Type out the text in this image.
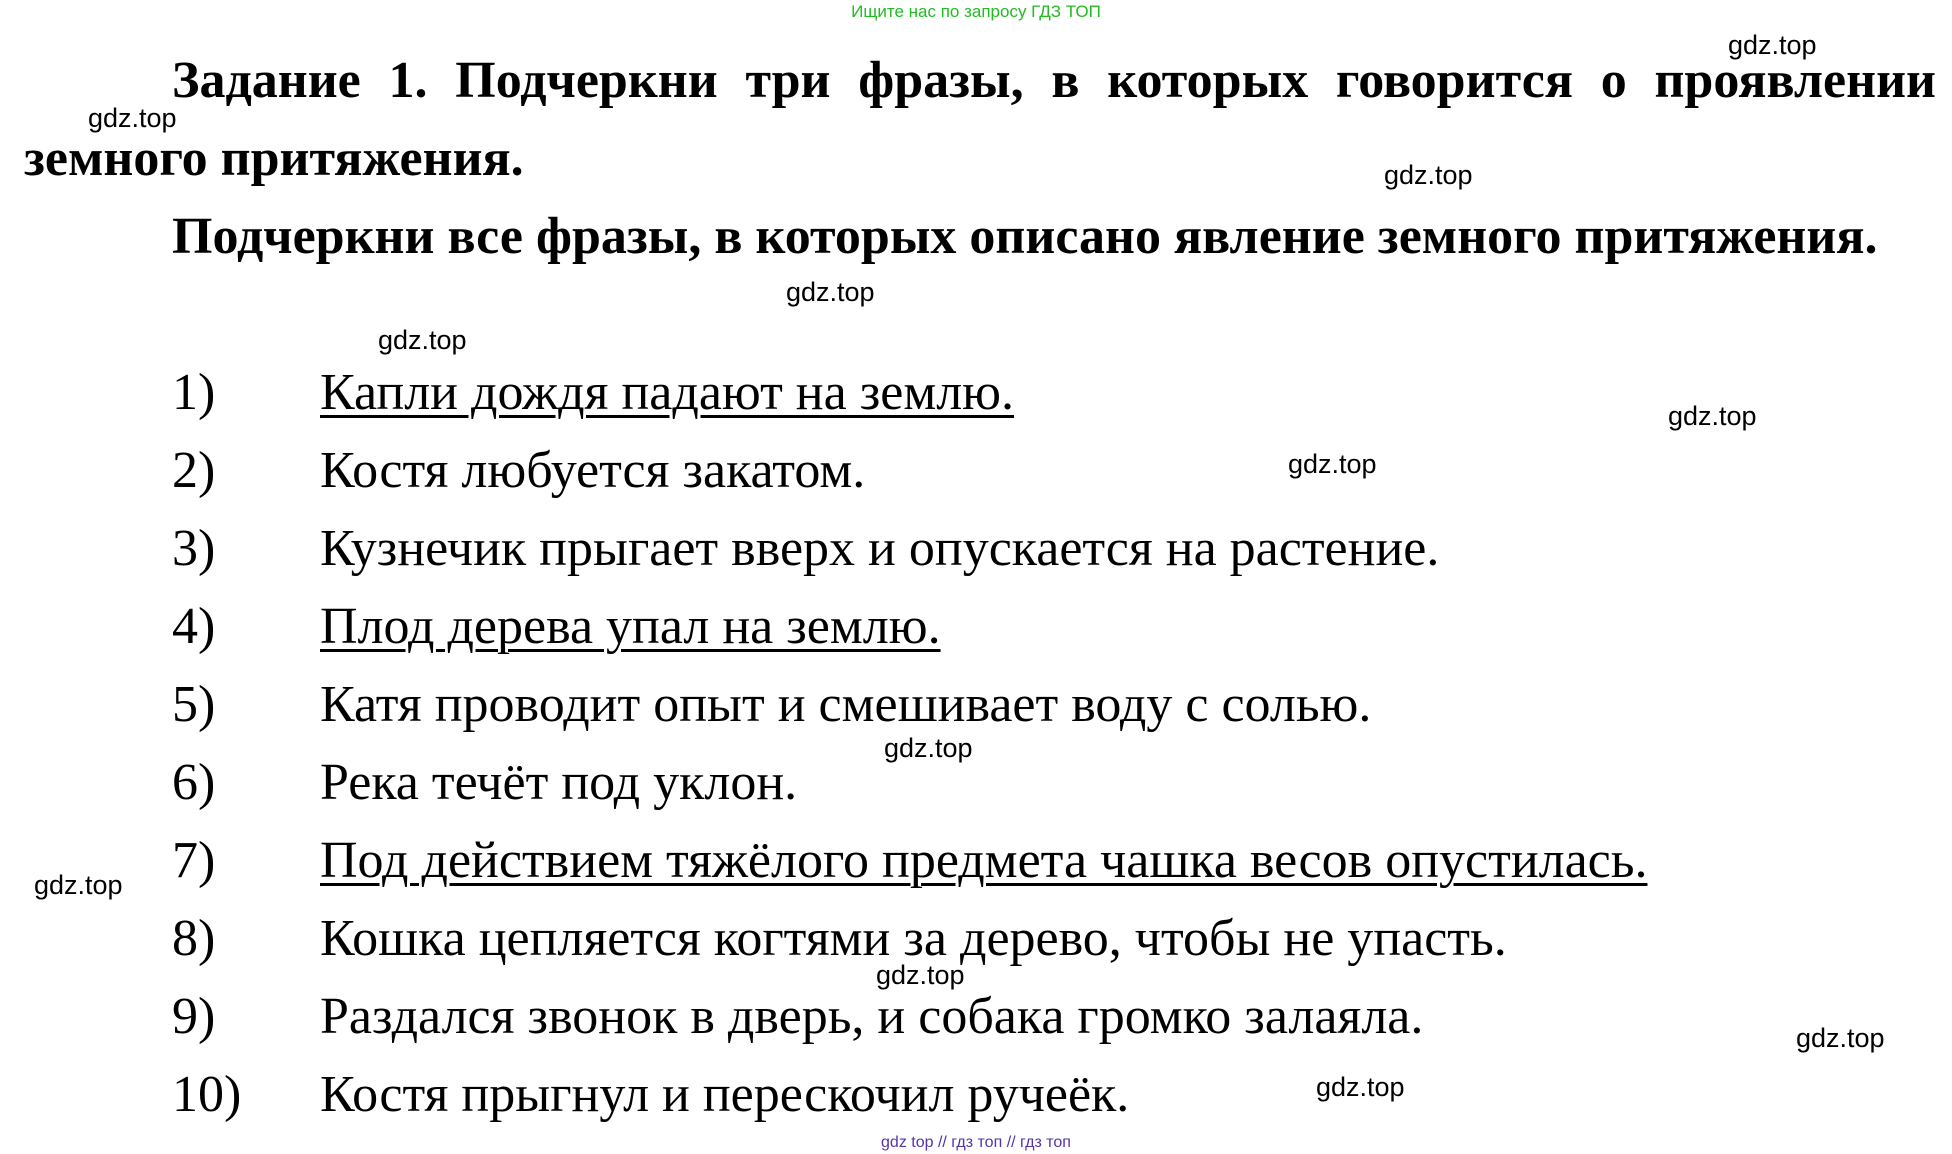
Ищите нас по запросу ГДЗ ТОП

Задание 1. Подчеркни три фразы, в которых говорится о проявлении земного притяжения.

Подчеркни все фразы, в которых описано явление земного притяжения.

1) Капли дождя падают на землю.
2) Костя любуется закатом.
3) Кузнечик прыгает вверх и опускается на растение.
4) Плод дерева упал на землю.
5) Катя проводит опыт и смешивает воду с солью.
6) Река течёт под уклон.
7) Под действием тяжёлого предмета чашка весов опустилась.
8) Кошка цепляется когтями за дерево, чтобы не упасть.
9) Раздался звонок в дверь, и собака громко залаяла.
10) Костя прыгнул и перескочил ручеёк.
gdz.top
gdz.top
gdz.top
gdz.top
gdz.top
gdz.top
gdz.top
gdz.top
gdz.top
gdz.top
gdz.top
gdz.top
gdz top // гдз топ // гдз топ
